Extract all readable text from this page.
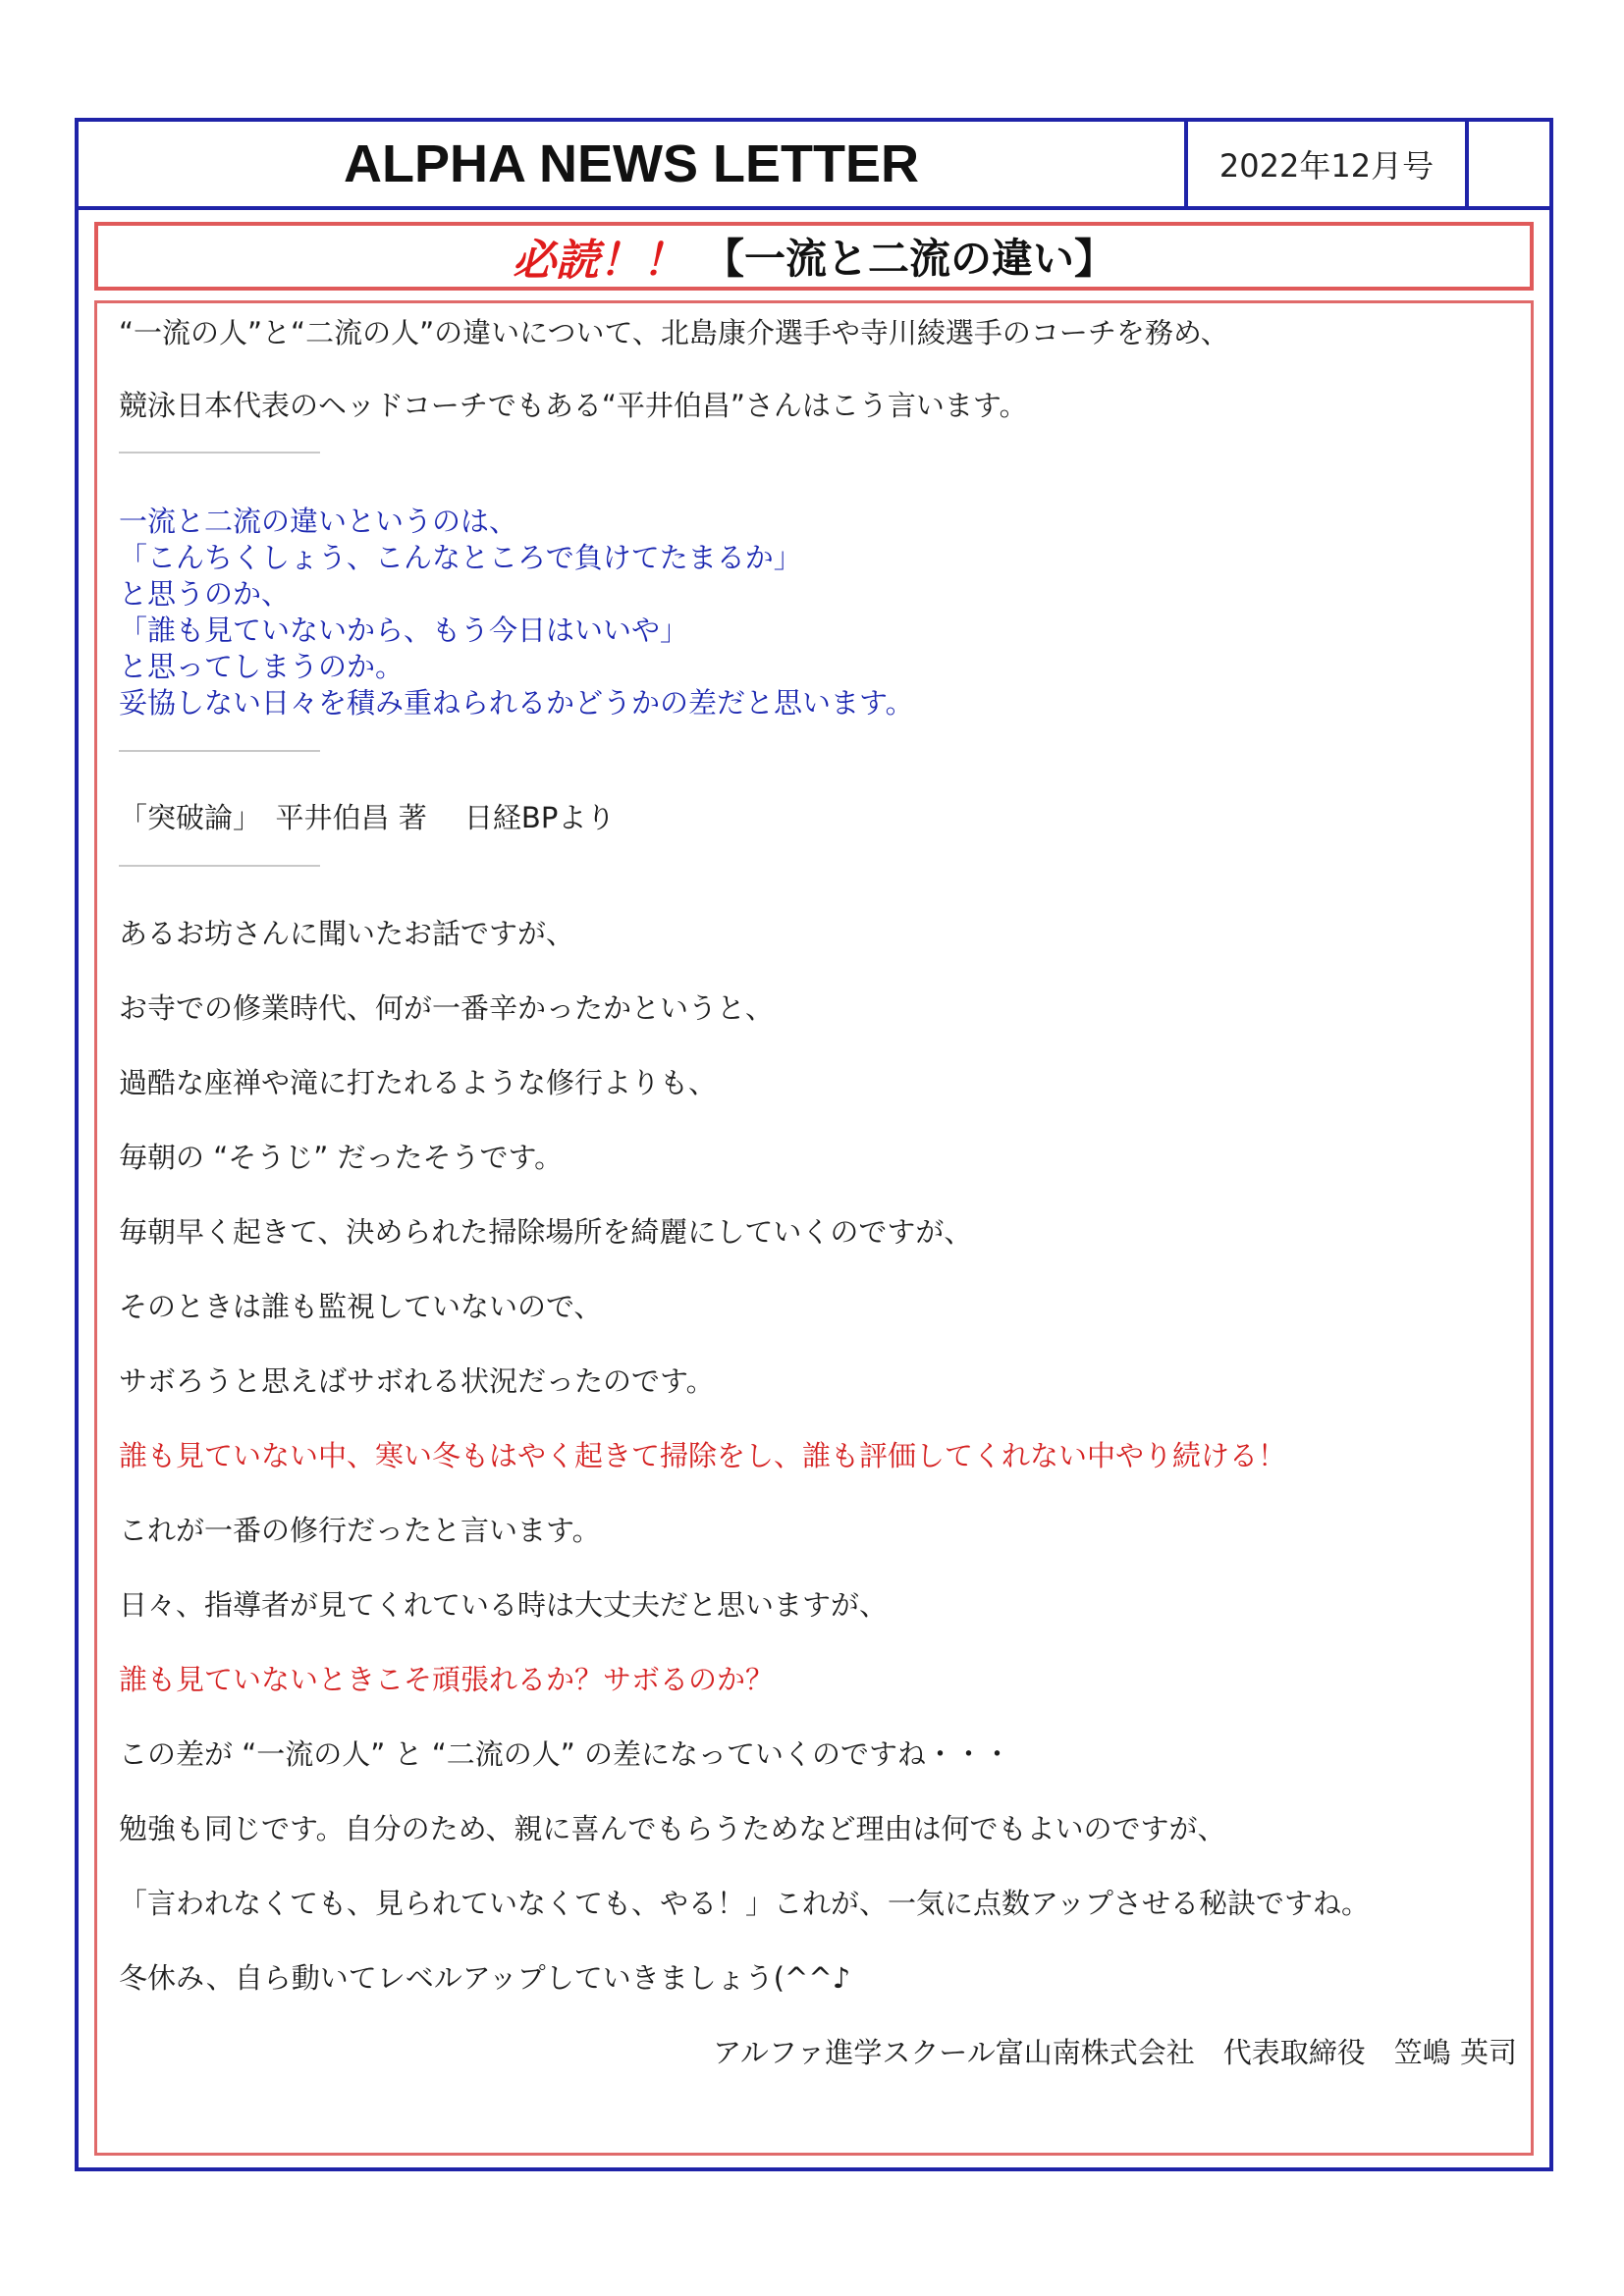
ALPHA NEWS LETTER	2022年12月号
必読！！ 【一流と二流の違い】
“一流の人”と“二流の人”の違いについて、北島康介選手や寺川綾選手のコーチを務め、
競泳日本代表のヘッドコーチでもある“平井伯昌”さんはこう言います。
一流と二流の違いというのは、
「こんちくしょう、こんなところで負けてたまるか」
と思うのか、
「誰も見ていないから、もう今日はいいや」
と思ってしまうのか。
妥協しない日々を積み重ねられるかどうかの差だと思います。
「突破論」　平井伯昌 著　 日経BPより
あるお坊さんに聞いたお話ですが、
お寺での修業時代、何が一番辛かったかというと、
過酷な座禅や滝に打たれるような修行よりも、
毎朝の “そうじ” だったそうです。
毎朝早く起きて、決められた掃除場所を綺麗にしていくのですが、
そのときは誰も監視していないので、
サボろうと思えばサボれる状況だったのです。
誰も見ていない中、寒い冬もはやく起きて掃除をし、誰も評価してくれない中やり続ける！
これが一番の修行だったと言います。
日々、指導者が見てくれている時は大丈夫だと思いますが、
誰も見ていないときこそ頑張れるか？サボるのか？
この差が “一流の人” と “二流の人” の差になっていくのですね・・・
勉強も同じです。自分のため、親に喜んでもらうためなど理由は何でもよいのですが、
「言われなくても、見られていなくても、やる！」これが、一気に点数アップさせる秘訣ですね。
冬休み、自ら動いてレベルアップしていきましょう(^^♪
アルファ進学スクール富山南株式会社　代表取締役　笠嶋 英司
